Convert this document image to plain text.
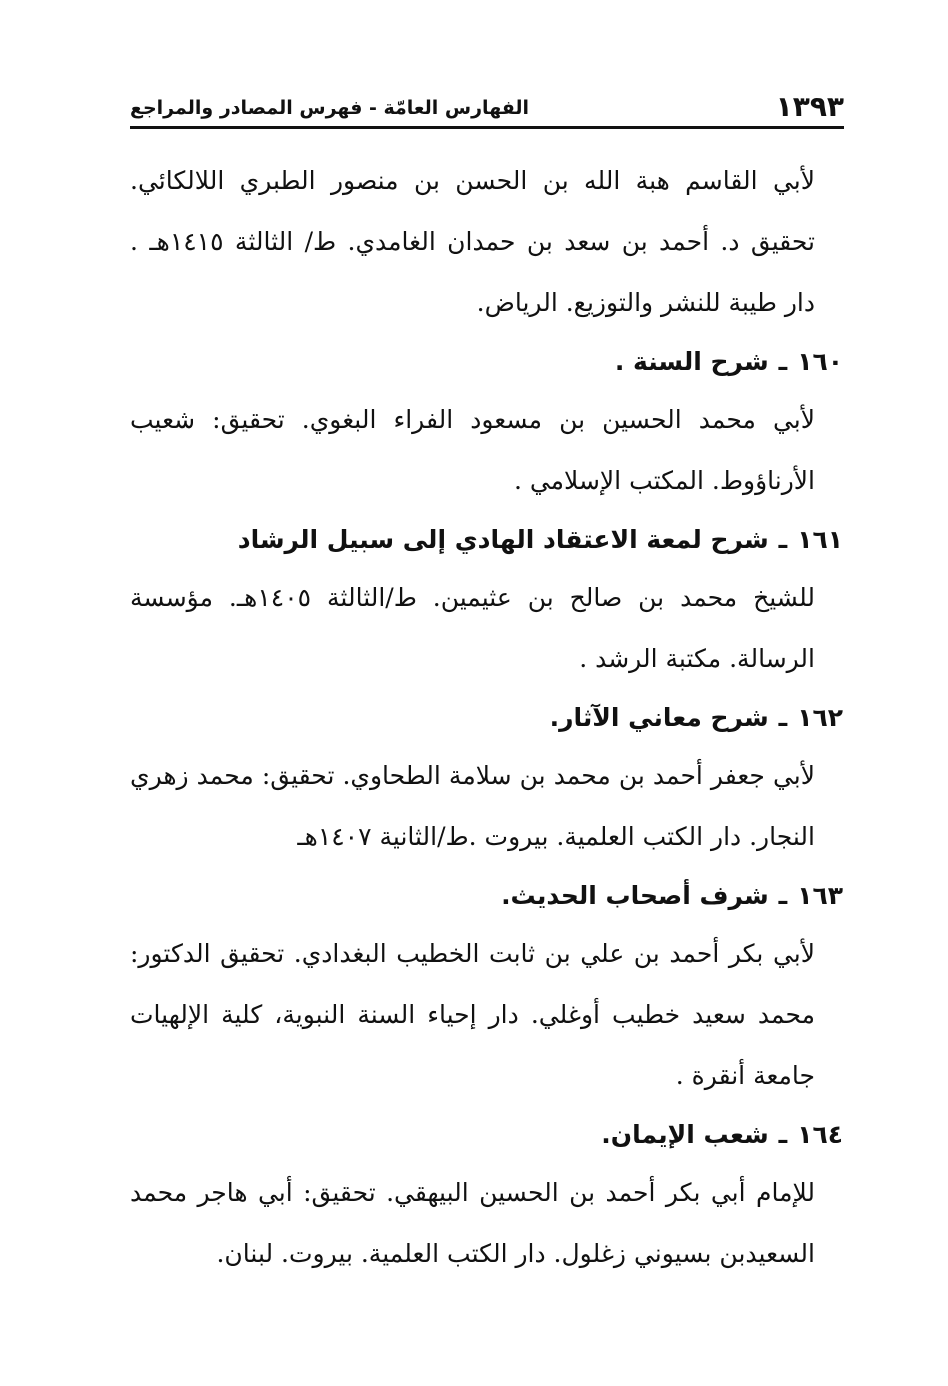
١٣٩٣
الفهارس العامّة - فهرس المصادر والمراجع

لأبي القاسم هبة الله بن الحسن بن منصور الطبري اللالكائي. تحقيق د. أحمد بن سعد بن حمدان الغامدي. ط/ الثالثة ١٤١٥هـ . دار طيبة للنشر والتوزيع. الرياض.

١٦٠
ـ
شرح السنة .

لأبي محمد الحسين بن مسعود الفراء البغوي. تحقيق: شعيب الأرناؤوط. المكتب الإسلامي .

١٦١
ـ
شرح لمعة الاعتقاد الهادي إلى سبيل الرشاد

للشيخ محمد بن صالح بن عثيمين. ط/الثالثة ١٤٠٥هـ. مؤسسة الرسالة. مكتبة الرشد .

١٦٢
ـ
شرح معاني الآثار.

لأبي جعفر أحمد بن محمد بن سلامة الطحاوي. تحقيق: محمد زهري النجار. دار الكتب العلمية. بيروت .ط/الثانية ١٤٠٧هـ

١٦٣
ـ
شرف أصحاب الحديث.

لأبي بكر أحمد بن علي بن ثابت الخطيب البغدادي. تحقيق الدكتور: محمد سعيد خطيب أوغلي. دار إحياء السنة النبوية، كلية الإلهيات جامعة أنقرة .

١٦٤
ـ
شعب الإيمان.

للإمام أبي بكر أحمد بن الحسين البيهقي. تحقيق: أبي هاجر محمد السعيدبن بسيوني زغلول. دار الكتب العلمية. بيروت. لبنان.
